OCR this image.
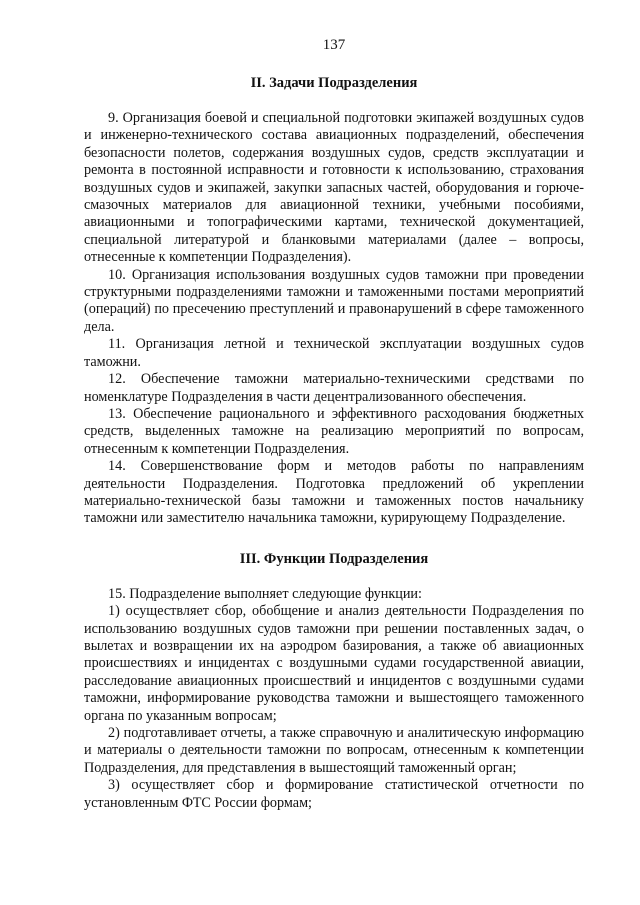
137
II. Задачи Подразделения

9. Организация боевой и специальной подготовки экипажей воздушных судов и инженерно-технического состава авиационных подразделений, обеспечения безопасности полетов, содержания воздушных судов, средств эксплуатации и ремонта в постоянной исправности и готовности к использованию, страхования воздушных судов и экипажей, закупки запасных частей, оборудования и горюче-смазочных материалов для авиационной техники, учебными пособиями, авиационными и топографическими картами, технической документацией, специальной литературой и бланковыми материалами (далее – вопросы, отнесенные к компетенции Подразделения).

10. Организация использования воздушных судов таможни при проведении структурными подразделениями таможни и таможенными постами мероприятий (операций) по пресечению преступлений и правонарушений в сфере таможенного дела.

11. Организация летной и технической эксплуатации воздушных судов таможни.

12. Обеспечение таможни материально-техническими средствами по номенклатуре Подразделения в части децентрализованного обеспечения.

13. Обеспечение рационального и эффективного расходования бюджетных средств, выделенных таможне на реализацию мероприятий по вопросам, отнесенным к компетенции Подразделения.

14. Совершенствование форм и методов работы по направлениям деятельности Подразделения. Подготовка предложений об укреплении материально-технической базы таможни и таможенных постов начальнику таможни или заместителю начальника таможни, курирующему Подразделение.

III. Функции Подразделения

15. Подразделение выполняет следующие функции:

1) осуществляет сбор, обобщение и анализ деятельности Подразделения по использованию воздушных судов таможни при решении поставленных задач, о вылетах и возвращении их на аэродром базирования, а также об авиационных происшествиях и инцидентах с воздушными судами государственной авиации, расследование авиационных происшествий и инцидентов с воздушными судами таможни, информирование руководства таможни и вышестоящего таможенного органа по указанным вопросам;

2) подготавливает отчеты, а также справочную и аналитическую информацию и материалы о деятельности таможни по вопросам, отнесенным к компетенции Подразделения, для представления в вышестоящий таможенный орган;

3) осуществляет сбор и формирование статистической отчетности по установленным ФТС России формам;
